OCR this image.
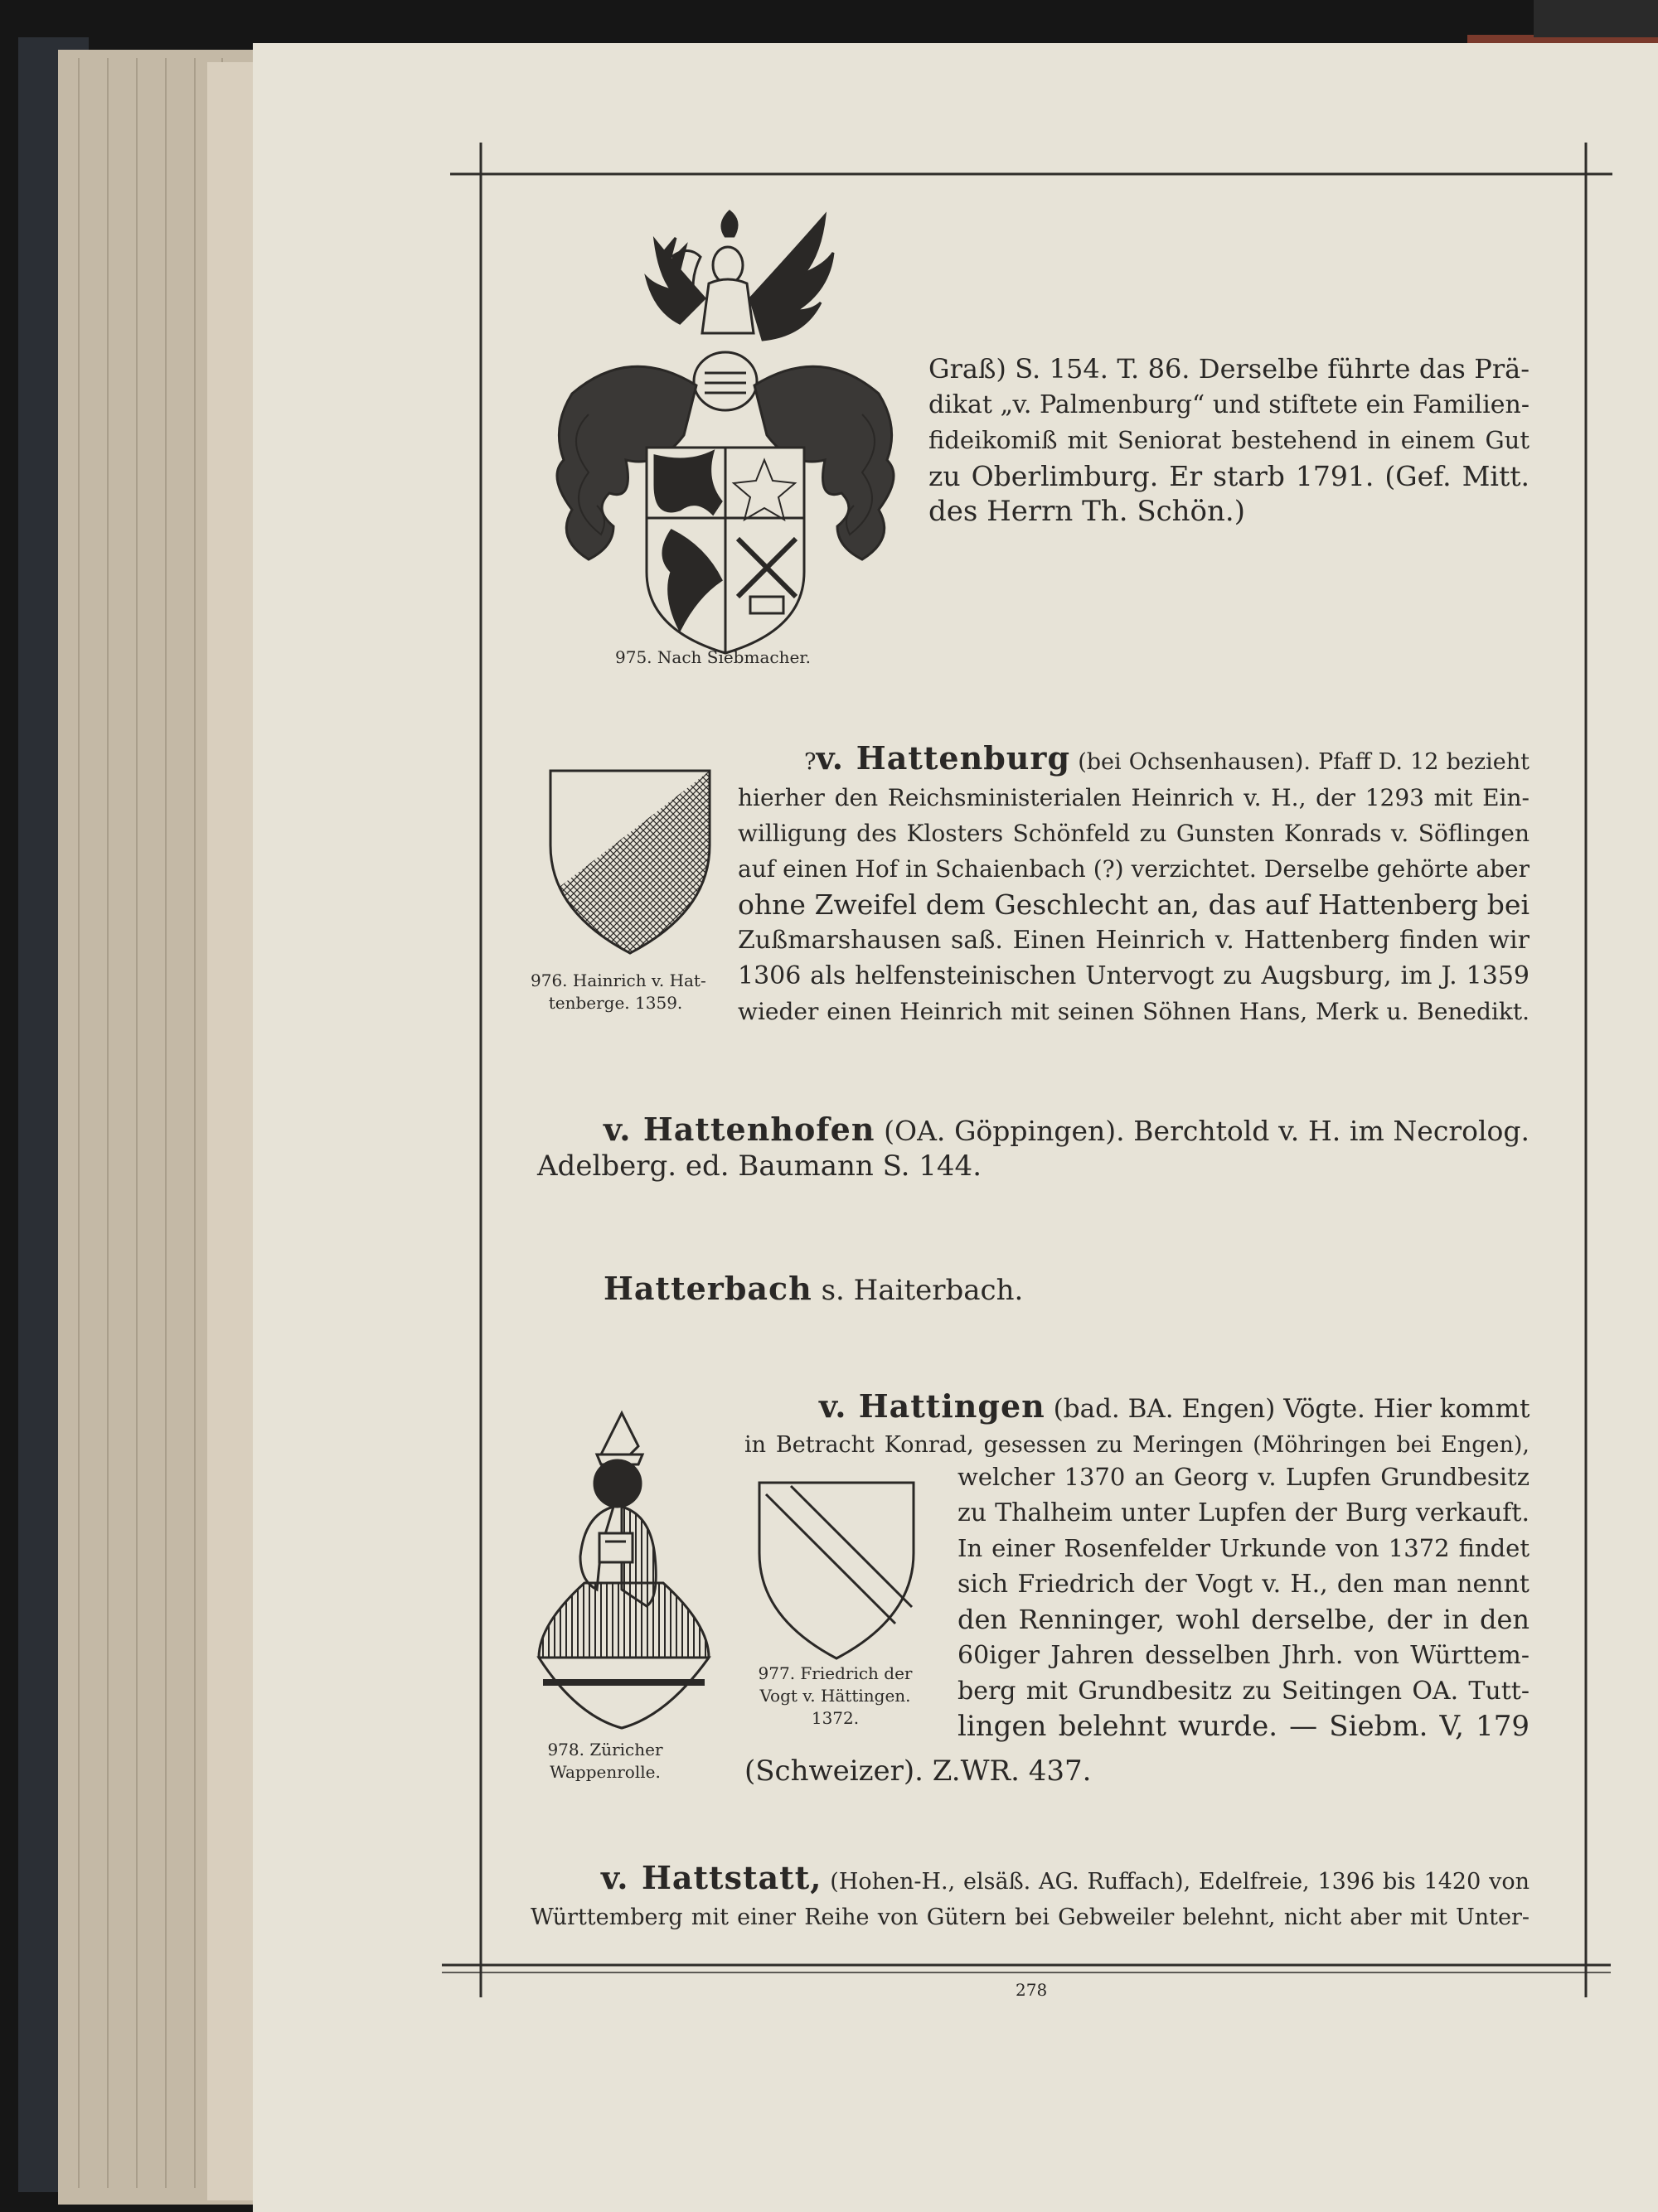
975. Nach Siebmacher.
Graß) S. 154. T. 86. Derselbe führte das Prä-
dikat „v. Palmenburg“ und stiftete ein Familien-
fideikomiß mit Seniorat bestehend in einem Gut
zu Oberlimburg. Er starb 1791. (Gef. Mitt.
des Herrn Th. Schön.)
976. Hainrich v. Hat-
tenberge. 1359.
?v. Hattenburg (bei Ochsenhausen). Pfaff D. 12 bezieht
hierher den Reichsministerialen Heinrich v. H., der 1293 mit Ein-
willigung des Klosters Schönfeld zu Gunsten Konrads v. Söflingen
auf einen Hof in Schaienbach (?) verzichtet. Derselbe gehörte aber
ohne Zweifel dem Geschlecht an, das auf Hattenberg bei
Zußmarshausen saß. Einen Heinrich v. Hattenberg finden wir
1306 als helfensteinischen Untervogt zu Augsburg, im J. 1359
wieder einen Heinrich mit seinen Söhnen Hans, Merk u. Benedikt.
v. Hattenhofen (OA. Göppingen). Berchtold v. H. im Necrolog.
Adelberg. ed. Baumann S. 144.
Hatterbach s. Haiterbach.
978. Züricher
Wappenrolle.
977. Friedrich der
Vogt v. Hättingen.
1372.
v. Hattingen (bad. BA. Engen) Vögte. Hier kommt
in Betracht Konrad, gesessen zu Meringen (Möhringen bei Engen),
welcher 1370 an Georg v. Lupfen Grundbesitz
zu Thalheim unter Lupfen der Burg verkauft.
In einer Rosenfelder Urkunde von 1372 findet
sich Friedrich der Vogt v. H., den man nennt
den Renninger, wohl derselbe, der in den
60iger Jahren desselben Jhrh. von Württem-
berg mit Grundbesitz zu Seitingen OA. Tutt-
lingen belehnt wurde. — Siebm. V, 179
(Schweizer). Z.WR. 437.
v. Hattstatt, (Hohen-H., elsäß. AG. Ruffach), Edelfreie, 1396 bis 1420 von
Württemberg mit einer Reihe von Gütern bei Gebweiler belehnt, nicht aber mit Unter-
278
